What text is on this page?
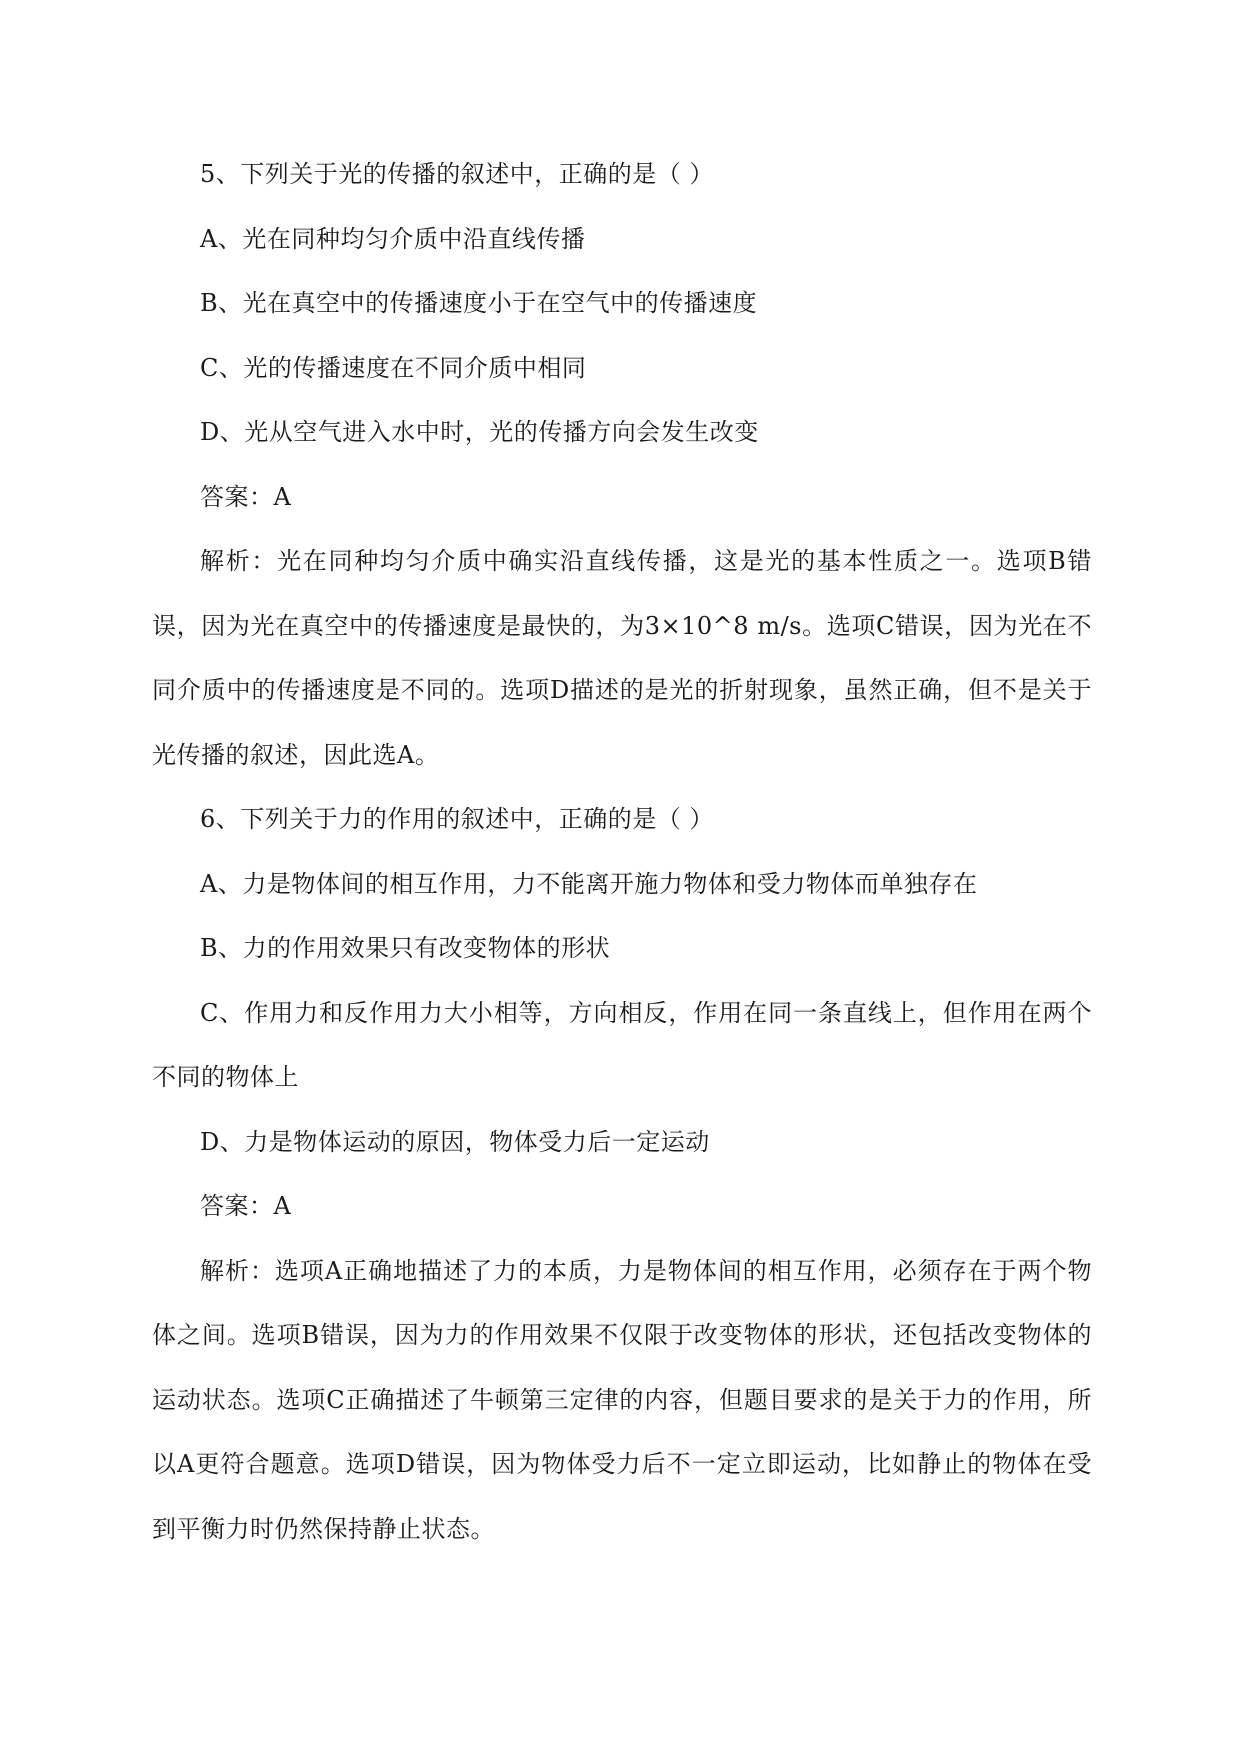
5、下列关于光的传播的叙述中，正确的是（ ）

A、光在同种均匀介质中沿直线传播

B、光在真空中的传播速度小于在空气中的传播速度

C、光的传播速度在不同介质中相同

D、光从空气进入水中时，光的传播方向会发生改变

答案：A

解析：光在同种均匀介质中确实沿直线传播，这是光的基本性质之一。选项B错误，因为光在真空中的传播速度是最快的，为3×10^8 m/s。选项C错误，因为光在不同介质中的传播速度是不同的。选项D描述的是光的折射现象，虽然正确，但不是关于光传播的叙述，因此选A。

6、下列关于力的作用的叙述中，正确的是（ ）

A、力是物体间的相互作用，力不能离开施力物体和受力物体而单独存在

B、力的作用效果只有改变物体的形状

C、作用力和反作用力大小相等，方向相反，作用在同一条直线上，但作用在两个不同的物体上

D、力是物体运动的原因，物体受力后一定运动

答案：A

解析：选项A正确地描述了力的本质，力是物体间的相互作用，必须存在于两个物体之间。选项B错误，因为力的作用效果不仅限于改变物体的形状，还包括改变物体的运动状态。选项C正确描述了牛顿第三定律的内容，但题目要求的是关于力的作用，所以A更符合题意。选项D错误，因为物体受力后不一定立即运动，比如静止的物体在受到平衡力时仍然保持静止状态。
